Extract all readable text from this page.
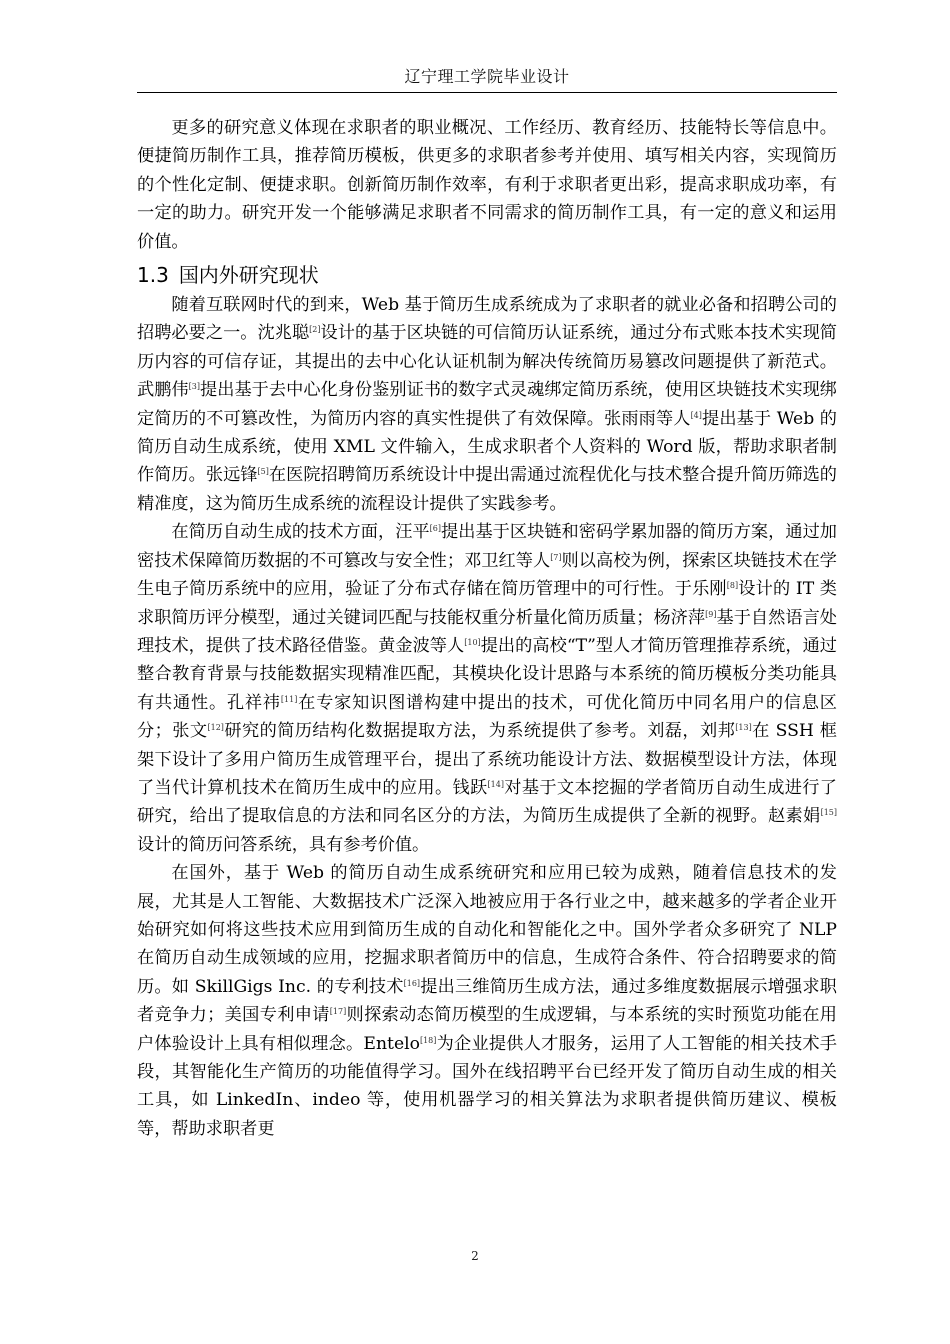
辽宁理工学院毕业设计

更多的研究意义体现在求职者的职业概况、工作经历、教育经历、技能特长等信息中。便捷简历制作工具，推荐简历模板，供更多的求职者参考并使用、填写相关内容，实现简历的个性化定制、便捷求职。创新简历制作效率，有利于求职者更出彩，提高求职成功率，有一定的助力。研究开发一个能够满足求职者不同需求的简历制作工具，有一定的意义和运用价值。

1.3 国内外研究现状

随着互联网时代的到来，Web 基于简历生成系统成为了求职者的就业必备和招聘公司的招聘必要之一。沈兆聪[2]设计的基于区块链的可信简历认证系统，通过分布式账本技术实现简历内容的可信存证，其提出的去中心化认证机制为解决传统简历易篡改问题提供了新范式。武鹏伟[3]提出基于去中心化身份鉴别证书的数字式灵魂绑定简历系统，使用区块链技术实现绑定简历的不可篡改性，为简历内容的真实性提供了有效保障。张雨雨等人[4]提出基于 Web 的简历自动生成系统，使用 XML 文件输入，生成求职者个人资料的 Word 版，帮助求职者制作简历。张远锋[5]在医院招聘简历系统设计中提出需通过流程优化与技术整合提升简历筛选的精准度，这为简历生成系统的流程设计提供了实践参考。

在简历自动生成的技术方面，汪平[6]提出基于区块链和密码学累加器的简历方案，通过加密技术保障简历数据的不可篡改与安全性；邓卫红等人[7]则以高校为例，探索区块链技术在学生电子简历系统中的应用，验证了分布式存储在简历管理中的可行性。于乐刚[8]设计的 IT 类求职简历评分模型，通过关键词匹配与技能权重分析量化简历质量；杨济萍[9]基于自然语言处理技术，提供了技术路径借鉴。黄金波等人[10]提出的高校“T”型人才简历管理推荐系统，通过整合教育背景与技能数据实现精准匹配，其模块化设计思路与本系统的简历模板分类功能具有共通性。孔祥祎[11]在专家知识图谱构建中提出的技术，可优化简历中同名用户的信息区分；张文[12]研究的简历结构化数据提取方法，为系统提供了参考。刘磊，刘邦[13]在 SSH 框架下设计了多用户简历生成管理平台，提出了系统功能设计方法、数据模型设计方法，体现了当代计算机技术在简历生成中的应用。钱跃[14]对基于文本挖掘的学者简历自动生成进行了研究，给出了提取信息的方法和同名区分的方法，为简历生成提供了全新的视野。赵素娟[15]设计的简历问答系统，具有参考价值。

在国外，基于 Web 的简历自动生成系统研究和应用已较为成熟，随着信息技术的发展，尤其是人工智能、大数据技术广泛深入地被应用于各行业之中，越来越多的学者企业开始研究如何将这些技术应用到简历生成的自动化和智能化之中。国外学者众多研究了 NLP 在简历自动生成领域的应用，挖掘求职者简历中的信息，生成符合条件、符合招聘要求的简历。如 SkillGigs Inc. 的专利技术[16]提出三维简历生成方法，通过多维度数据展示增强求职者竞争力；美国专利申请[17]则探索动态简历模型的生成逻辑，与本系统的实时预览功能在用户体验设计上具有相似理念。Entelo[18]为企业提供人才服务，运用了人工智能的相关技术手段，其智能化生产简历的功能值得学习。国外在线招聘平台已经开发了简历自动生成的相关工具，如 LinkedIn、indeo 等，使用机器学习的相关算法为求职者提供简历建议、模板等，帮助求职者更

2
